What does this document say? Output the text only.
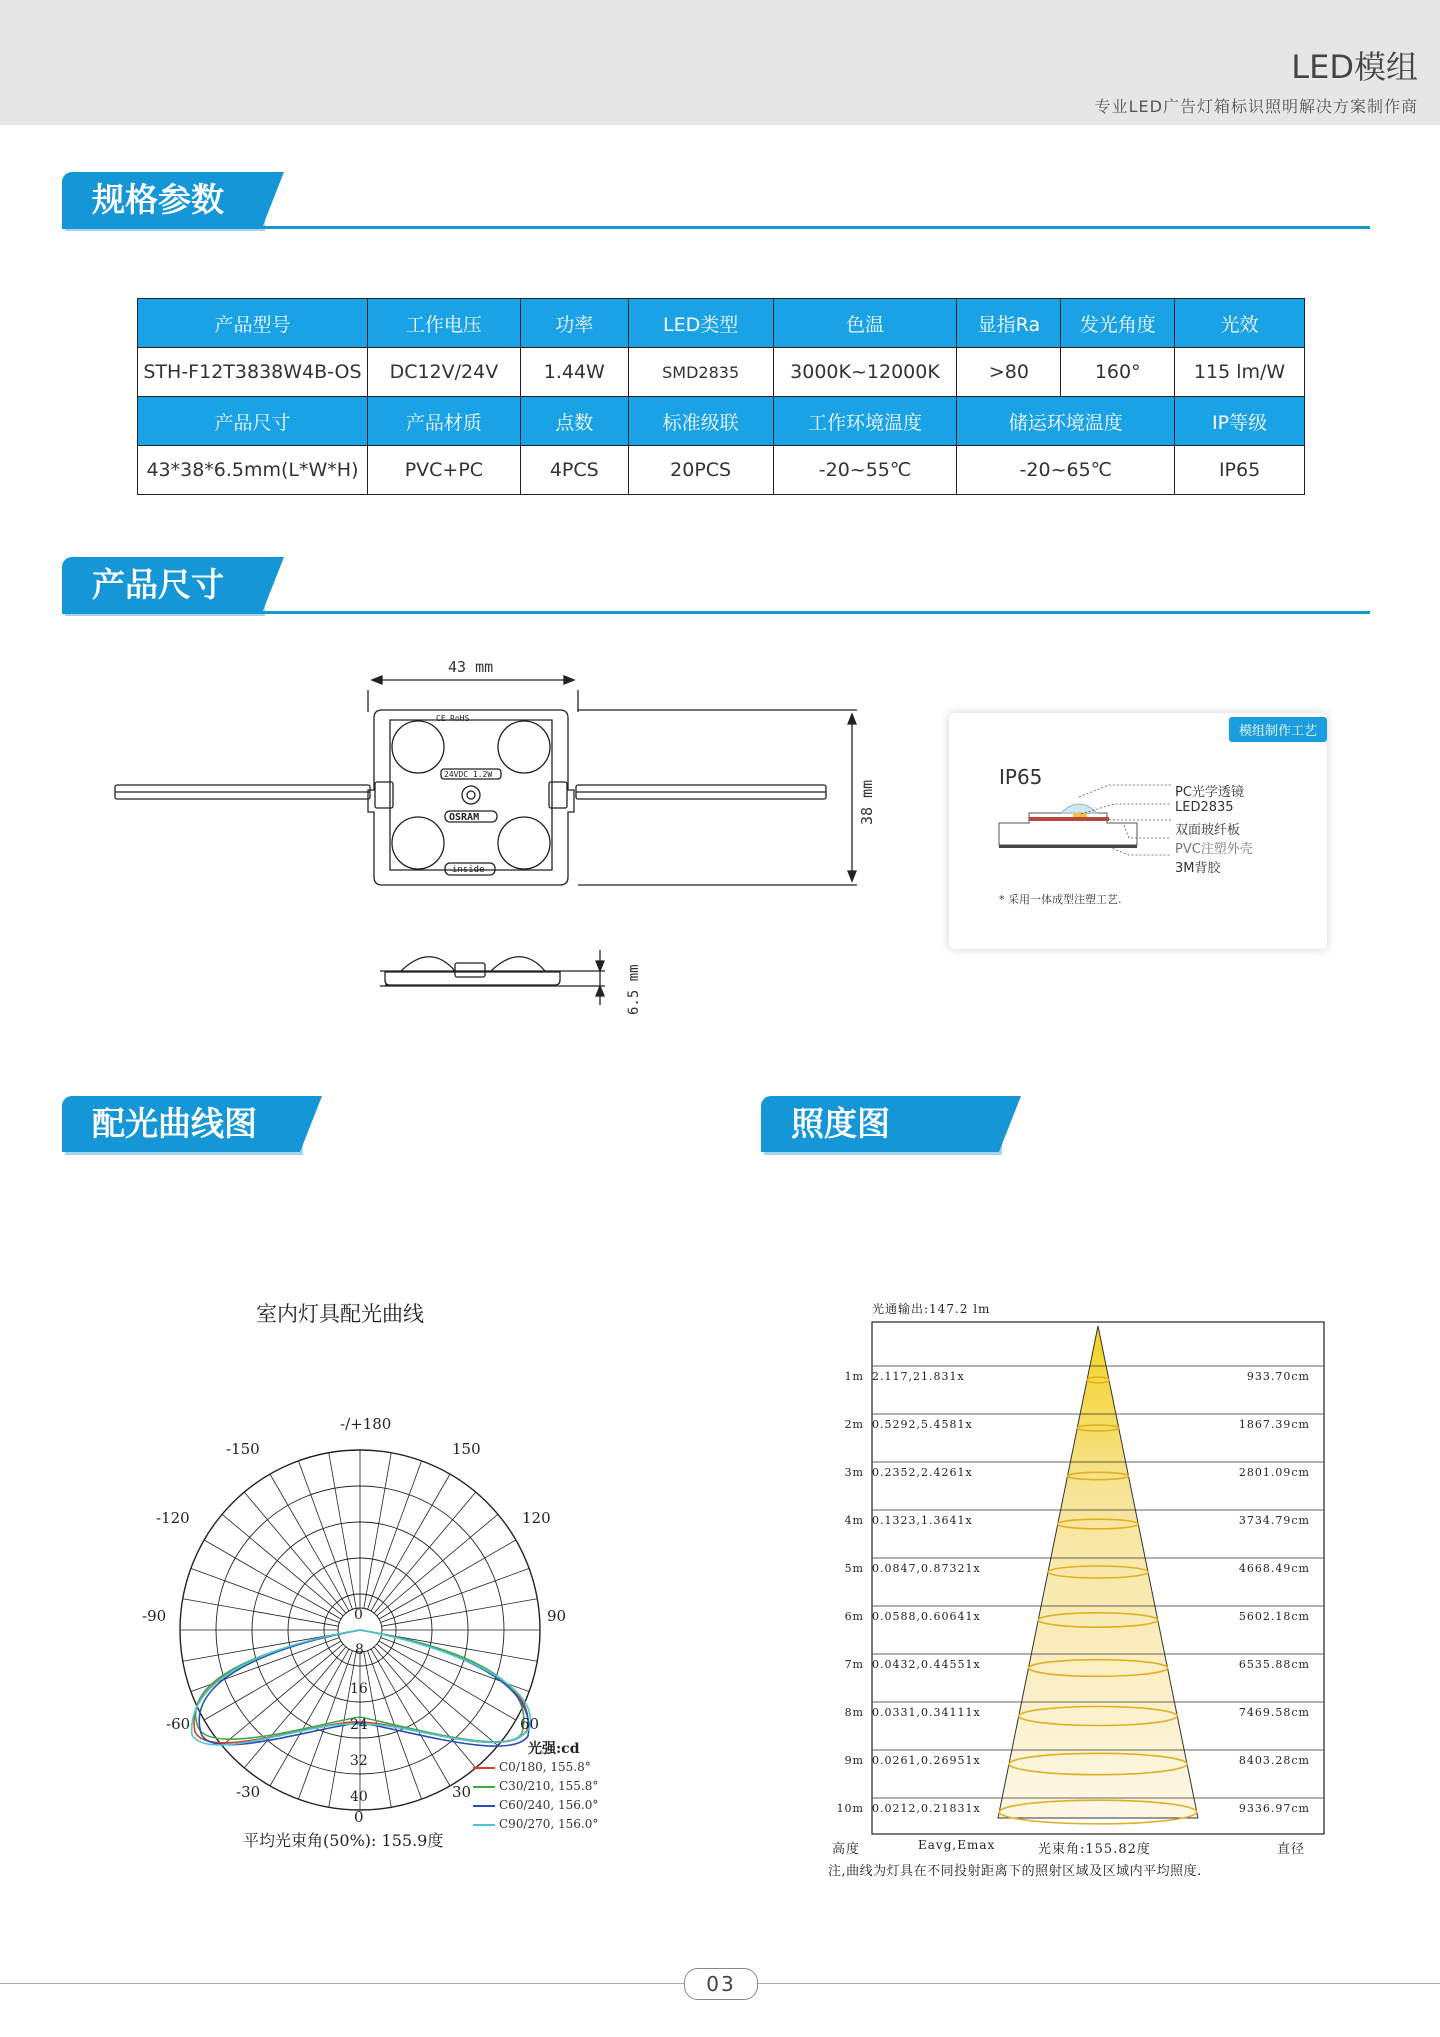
LED模组
专业LED广告灯箱标识照明解决方案制作商
规格参数
产品型号	工作电压	功率	LED类型	色温	显指Ra	发光角度	光效
STH-F12T3838W4B-OS	DC12V/24V	1.44W	SMD2835	3000K~12000K	>80	160°	115 lm/W
产品尺寸	产品材质	点数	标准级联	工作环境温度	储运环境温度		IP等级
43*38*6.5mm(L*W*H)	PVC+PC	4PCS	20PCS	-20~55℃	-20~65℃		IP65
产品尺寸
RoHS
CE
24VDC 1.2W
OSRAM
inside
43 mm
38 mm
6.5 mm
模组制作工艺
IP65
PC光学透镜
LED2835
双面玻纤板
PVC注塑外壳
3M背胶
* 采用一体成型注塑工艺.
配光曲线图	照度图
室内灯具配光曲线
-/+180
-150	150
-120	120
-90	90
-60	60
-30	30
0
0
8
16
24
32
40
光强:cd
C0/180, 155.8°
C30/210, 155.8°
C60/240, 156.0°
C90/270, 156.0°
平均光束角(50%): 155.9度
光通输出:147.2 lm
1m 2.117,21.831x	933.70cm
2m 0.5292,5.4581x	1867.39cm
3m 0.2352,2.4261x	2801.09cm
4m 0.1323,1.3641x	3734.79cm
5m 0.0847,0.87321x	4668.49cm
6m 0.0588,0.60641x	5602.18cm
7m 0.0432,0.44551x	6535.88cm
8m 0.0331,0.34111x	7469.58cm
9m 0.0261,0.26951x	8403.28cm
10m 0.0212,0.21831x	9336.97cm
高度	Eavg,Emax	光束角:155.82度	直径
注,曲线为灯具在不同投射距离下的照射区域及区域内平均照度.
03
